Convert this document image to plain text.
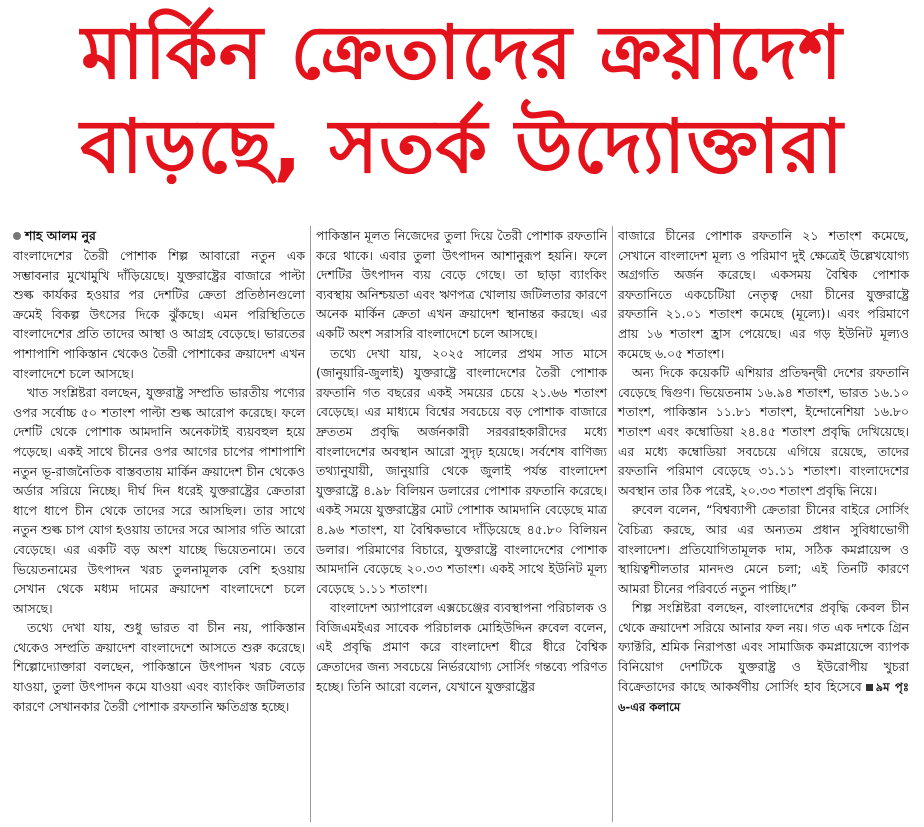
মার্কিন ক্রেতাদের ক্রয়াদেশ
বাড়ছে, সতর্ক উদ্যোক্তারা
শাহ আলম নুর

বাংলাদেশের তৈরী পোশাক শিল্প আবারো নতুন এক সম্ভাবনার মুখোমুখি দাঁড়িয়েছে। যুক্তরাষ্ট্রের বাজারে পাল্টা শুল্ক কার্যকর হওয়ার পর দেশটির ক্রেতা প্রতিষ্ঠানগুলো ক্রমেই বিকল্প উৎসের দিকে ঝুঁকছে। এমন পরিস্থিতিতে বাংলাদেশের প্রতি তাদের আস্থা ও আগ্রহ বেড়েছে। ভারতের পাশাপাশি পাকিস্তান থেকেও তৈরী পোশাকের ক্রয়াদেশ এখন বাংলাদেশে চলে আসছে।

খাত সংশ্লিষ্টরা বলছেন, যুক্তরাষ্ট্র সম্প্রতি ভারতীয় পণ্যের ওপর সর্বোচ্চ ৫০ শতাংশ পাল্টা শুল্ক আরোপ করেছে। ফলে দেশটি থেকে পোশাক আমদানি অনেকটাই ব্যয়বহুল হয়ে পড়েছে। একই সাথে চীনের ওপর আগের চাপের পাশাপাশি নতুন ভূ-রাজনৈতিক বাস্তবতায় মার্কিন ক্রয়াদেশ চীন থেকেও অর্ডার সরিয়ে নিচ্ছে। দীর্ঘ দিন ধরেই যুক্তরাষ্ট্রের ক্রেতারা ধাপে ধাপে চীন থেকে তাদের সরে আসছিল। তার সাথে নতুন শুল্ক চাপ যোগ হওয়ায় তাদের সরে আসার গতি আরো বেড়েছে। এর একটি বড় অংশ যাচ্ছে ভিয়েতনামে। তবে ভিয়েতনামের উৎপাদন খরচ তুলনামূলক বেশি হওয়ায় সেখান থেকে মধ্যম দামের ক্রয়াদেশ বাংলাদেশে চলে আসছে।

তথ্যে দেখা যায়, শুধু ভারত বা চীন নয়, পাকিস্তান থেকেও সম্প্রতি ক্রয়াদেশ বাংলাদেশে আসতে শুরু করেছে। শিল্পোদ্যোক্তারা বলছেন, পাকিস্তানে উৎপাদন খরচ বেড়ে যাওয়া, তুলা উৎপাদন কমে যাওয়া এবং ব্যাংকিং জটিলতার কারণে সেখানকার তৈরী পোশাক রফতানি ক্ষতিগ্রস্ত হচ্ছে।

পাকিস্তান মূলত নিজেদের তুলা দিয়ে তৈরী পোশাক রফতানি করে থাকে। এবার তুলা উৎপাদন আশানুরূপ হয়নি। ফলে দেশটির উৎপাদন ব্যয় বেড়ে গেছে। তা ছাড়া ব্যাংকিং ব্যবস্থায় অনিশ্চয়তা এবং ঋণপত্র খোলায় জটিলতার কারণে অনেক মার্কিন ক্রেতা এখন ক্রয়াদেশ স্থানান্তর করছে। এর একটি অংশ সরাসরি বাংলাদেশে চলে আসছে।

তথ্যে দেখা যায়, ২০২৫ সালের প্রথম সাত মাসে (জানুয়ারি-জুলাই) যুক্তরাষ্ট্রে বাংলাদেশের তৈরী পোশাক রফতানি গত বছরের একই সময়ের চেয়ে ২১.৬৬ শতাংশ বেড়েছে। এর মাধ্যমে বিশ্বের সবচেয়ে বড় পোশাক বাজারে দ্রুততম প্রবৃদ্ধি অর্জনকারী সরবরাহকারীদের মধ্যে বাংলাদেশের অবস্থান আরো সুদৃঢ় হয়েছে। সর্বশেষ বাণিজ্য তথ্যানুযায়ী, জানুয়ারি থেকে জুলাই পর্যন্ত বাংলাদেশ যুক্তরাষ্ট্রে ৪.৯৮ বিলিয়ন ডলারের পোশাক রফতানি করেছে। একই সময়ে যুক্তরাষ্ট্রের মোট পোশাক আমদানি বেড়েছে মাত্র ৪.৯৬ শতাংশ, যা বৈশ্বিকভাবে দাঁড়িয়েছে ৪৫.৮০ বিলিয়ন ডলার। পরিমাণের বিচারে, যুক্তরাষ্ট্রে বাংলাদেশের পোশাক আমদানি বেড়েছে ২০.৩৩ শতাংশ। একই সাথে ইউনিট মূল্য বেড়েছে ১.১১ শতাংশ।

বাংলাদেশ অ্যাপারেল এক্সচেঞ্জের ব্যবস্থাপনা পরিচালক ও বিজিএমইএর সাবেক পরিচালক মোহিউদ্দিন রুবেল বলেন, এই প্রবৃদ্ধি প্রমাণ করে বাংলাদেশ ধীরে ধীরে বৈশ্বিক ক্রেতাদের জন্য সবচেয়ে নির্ভরযোগ্য সোর্সিং গন্তব্যে পরিণত হচ্ছে। তিনি আরো বলেন, যেখানে যুক্তরাষ্ট্রের

বাজারে চীনের পোশাক রফতানি ২১ শতাংশ কমেছে, সেখানে বাংলাদেশ মূল্য ও পরিমাণ দুই ক্ষেত্রেই উল্লেখযোগ্য অগ্রগতি অর্জন করেছে। একসময় বৈশ্বিক পোশাক রফতানিতে একচেটিয়া নেতৃত্ব দেয়া চীনের যুক্তরাষ্ট্রে রফতানি ২১.০১ শতাংশ কমেছে (মূল্যে)। এবং পরিমাণে প্রায় ১৬ শতাংশ হ্রাস পেয়েছে। এর গড় ইউনিট মূল্যও কমেছে ৬.০৫ শতাংশ।

অন্য দিকে কয়েকটি এশিয়ার প্রতিদ্বন্দ্বী দেশের রফতানি বেড়েছে দ্বিগুণ। ভিয়েতনাম ১৬.৯৪ শতাংশ, ভারত ১৬.১০ শতাংশ, পাকিস্তান ১১.৮১ শতাংশ, ইন্দোনেশিয়া ১৬.৮০ শতাংশ এবং কম্বোডিয়া ২৪.৪৫ শতাংশ প্রবৃদ্ধি দেখিয়েছে। এর মধ্যে কম্বোডিয়া সবচেয়ে এগিয়ে রয়েছে, তাদের রফতানি পরিমাণ বেড়েছে ৩১.১১ শতাংশ। বাংলাদেশের অবস্থান তার ঠিক পরেই, ২০.৩৩ শতাংশ প্রবৃদ্ধি নিয়ে।

রুবেল বলেন, “বিশ্বব্যাপী ক্রেতারা চীনের বাইরে সোর্সিং বৈচিত্র্য করছে, আর এর অন্যতম প্রধান সুবিধাভোগী বাংলাদেশ। প্রতিযোগিতামূলক দাম, সঠিক কমপ্লায়েন্স ও স্থায়িত্বশীলতার মানদণ্ড মেনে চলা; এই তিনটি কারণে আমরা চীনের পরিবর্তে নতুন পাচ্ছি।”

শিল্প সংশ্লিষ্টরা বলছেন, বাংলাদেশের প্রবৃদ্ধি কেবল চীন থেকে ক্রয়াদেশ সরিয়ে আনার ফল নয়। গত এক দশকে গ্রিন ফ্যাক্টরি, শ্রমিক নিরাপত্তা এবং সামাজিক কমপ্লায়েন্সে ব্যাপক বিনিয়োগ দেশটিকে যুক্তরাষ্ট্র ও ইউরোপীয় খুচরা বিক্রেতাদের কাছে আকর্ষণীয় সোর্সিং হাব হিসেবে ৯ম পৃঃ ৬-এর কলামে
